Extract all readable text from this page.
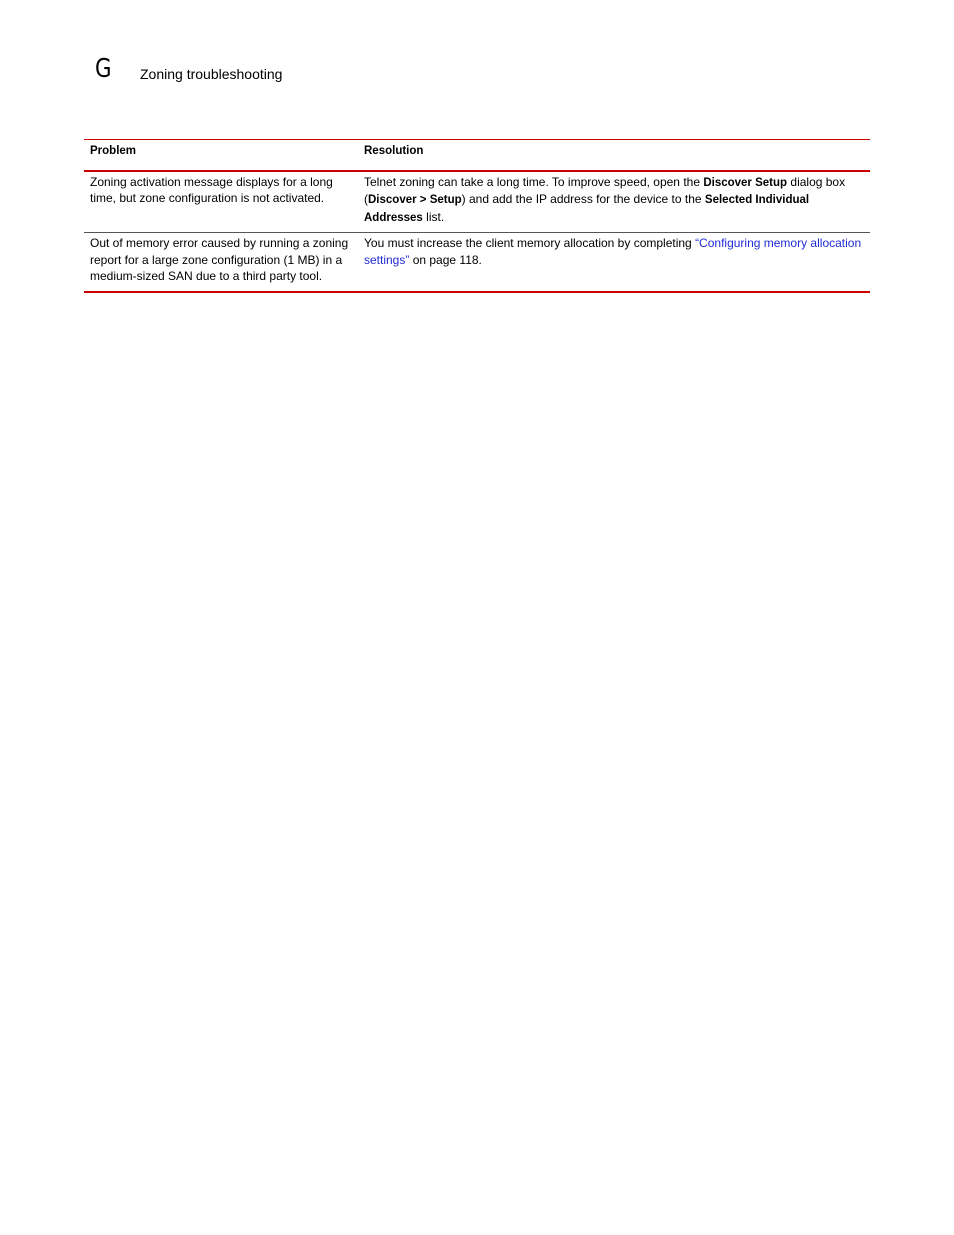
G Zoning troubleshooting
Problem	Resolution
Zoning activation message displays for a long time, but zone configuration is not activated.	Telnet zoning can take a long time. To improve speed, open the Discover Setup dialog box (Discover > Setup) and add the IP address for the device to the Selected Individual Addresses list.
Out of memory error caused by running a zoning report for a large zone configuration (1 MB) in a medium-sized SAN due to a third party tool.	You must increase the client memory allocation by completing “Configuring memory allocation settings” on page 118.
